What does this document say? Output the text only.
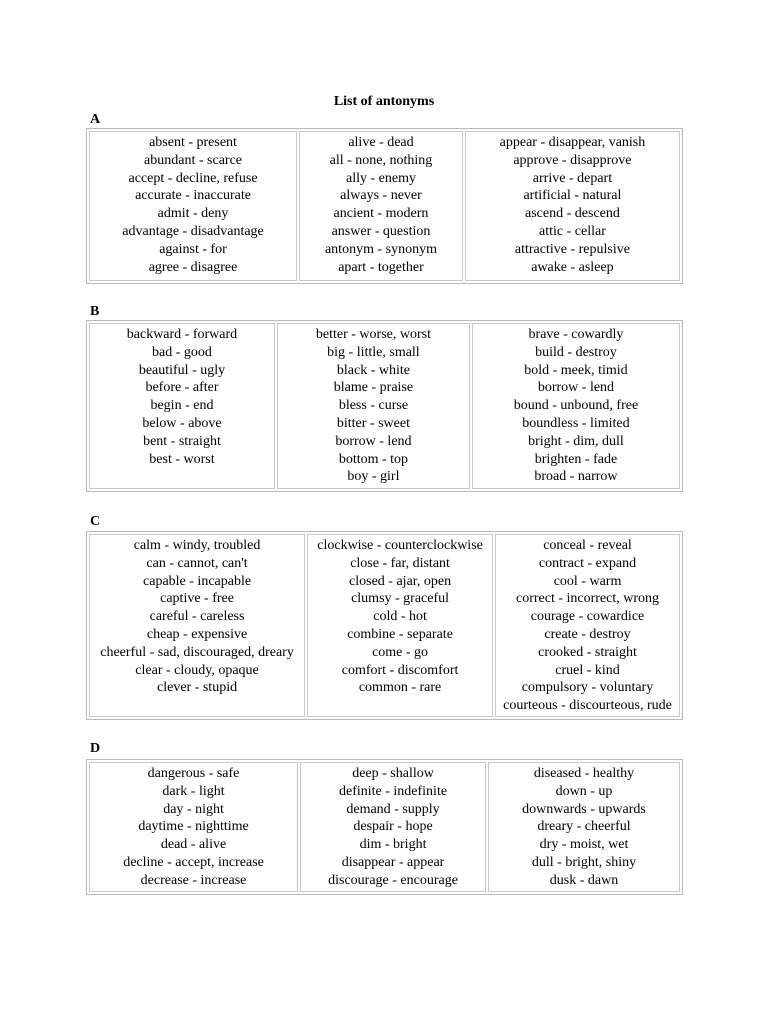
List of antonyms
A
absent - present
abundant - scarce
accept - decline, refuse
accurate - inaccurate
admit - deny
advantage - disadvantage
against - for
agree - disagree

alive - dead
all - none, nothing
ally - enemy
always - never
ancient - modern
answer - question
antonym - synonym
apart - together

appear - disappear, vanish
approve - disapprove
arrive - depart
artificial - natural
ascend - descend
attic - cellar
attractive - repulsive
awake - asleep
B
backward - forward
bad - good
beautiful - ugly
before - after
begin - end
below - above
bent - straight
best - worst

better - worse, worst
big - little, small
black - white
blame - praise
bless - curse
bitter - sweet
borrow - lend
bottom - top
boy - girl

brave - cowardly
build - destroy
bold - meek, timid
borrow - lend
bound - unbound, free
boundless - limited
bright - dim, dull
brighten - fade
broad - narrow
C
calm - windy, troubled
can - cannot, can't
capable - incapable
captive - free
careful - careless
cheap - expensive
cheerful - sad, discouraged, dreary
clear - cloudy, opaque
clever - stupid

clockwise - counterclockwise
close - far, distant
closed - ajar, open
clumsy - graceful
cold - hot
combine - separate
come - go
comfort - discomfort
common - rare

conceal - reveal
contract - expand
cool - warm
correct - incorrect, wrong
courage - cowardice
create - destroy
crooked - straight
cruel - kind
compulsory - voluntary
courteous - discourteous, rude
D
dangerous - safe
dark - light
day - night
daytime - nighttime
dead - alive
decline - accept, increase
decrease - increase

deep - shallow
definite - indefinite
demand - supply
despair - hope
dim - bright
disappear - appear
discourage - encourage

diseased - healthy
down - up
downwards - upwards
dreary - cheerful
dry - moist, wet
dull - bright, shiny
dusk - dawn
